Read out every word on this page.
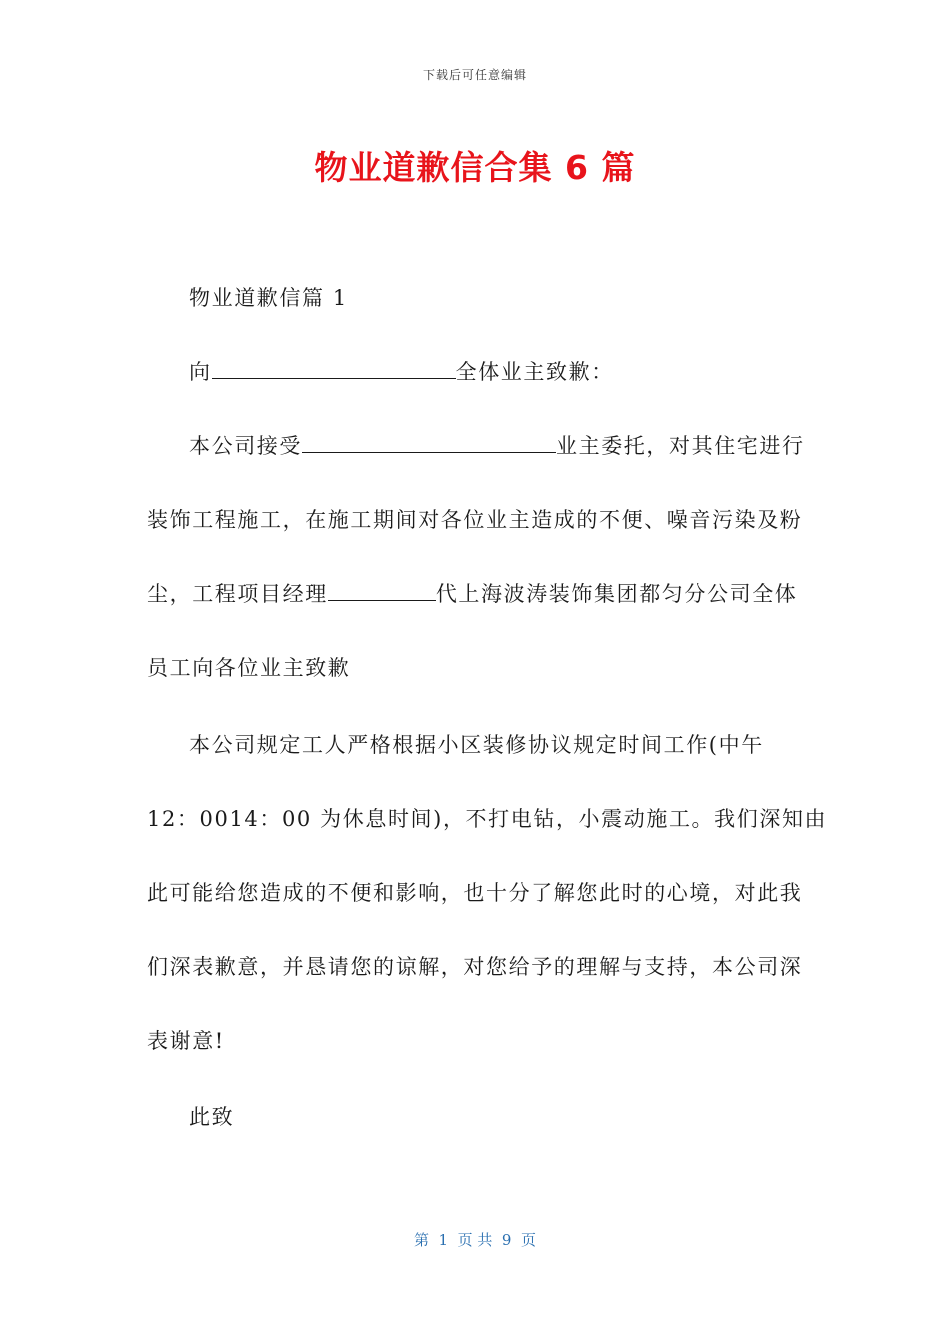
下载后可任意编辑
物业道歉信合集 6 篇
物业道歉信篇 1
向	全体业主致歉：
本公司接受	业主委托，对其住宅进行
装饰工程施工，在施工期间对各位业主造成的不便、噪音污染及粉
尘，工程项目经理	代上海波涛装饰集团都匀分公司全体
员工向各位业主致歉
本公司规定工人严格根据小区装修协议规定时间工作(中午
12：0014：00 为休息时间)，不打电钻，小震动施工。我们深知由
此可能给您造成的不便和影响，也十分了解您此时的心境，对此我
们深表歉意，并恳请您的谅解，对您给予的理解与支持，本公司深
表谢意!
此致
第  1  页 共  9  页
